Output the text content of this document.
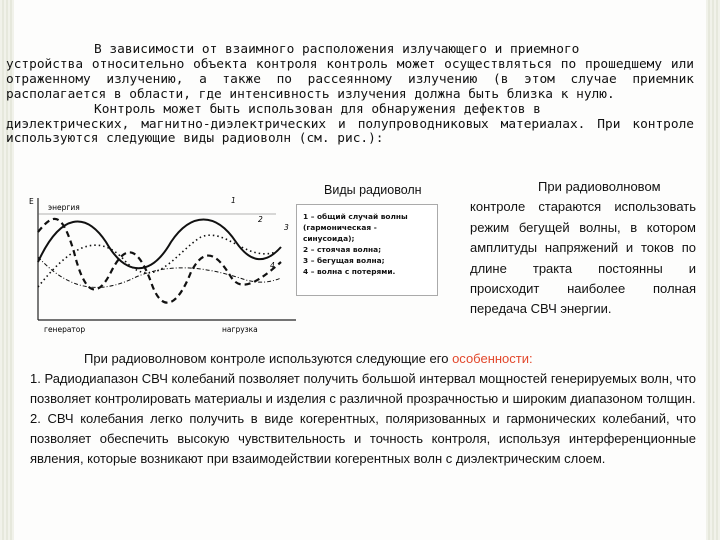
В зависимости от взаимного расположения излучающего и приемного

устройства относительно объекта контроля контроль может осуществляться по прошедшему или отраженному излучению, а также по рассеянному излучению (в этом случае приемник располагается в области, где интенсивность излучения должна быть близка к нулю.

Контроль может быть использован для обнаружения дефектов в

диэлектрических, магнитно-диэлектрических и полупроводниковых материалах. При контроле используются следующие виды радиоволн (см. рис.):

Виды радиоволн
E
энергия
генератор	нагрузка
1
2
3
4
1 – общий случай волны
(гармоническая -
синусоида);
2 – стоячая волна;
3 – бегущая волна;
4 – волна с потерями.
При радиоволновом
контроле стараются использовать режим бегущей волны, в котором амплитуды напряжений и токов по длине тракта постоянны и происходит наиболее полная передача СВЧ энергии.

При радиоволновом контроле используются следующие его особенности:

1. Радиодиапазон СВЧ колебаний позволяет получить большой интервал мощностей генерируемых волн, что позволяет контролировать материалы и изделия с различной прозрачностью и широким диапазоном толщин.

2. СВЧ колебания легко получить в виде когерентных, поляризованных и гармонических колебаний, что позволяет обеспечить высокую чувствительность и точность контроля, используя интерференционные явления, которые возникают при взаимодействии когерентных волн с диэлектрическим слоем.
